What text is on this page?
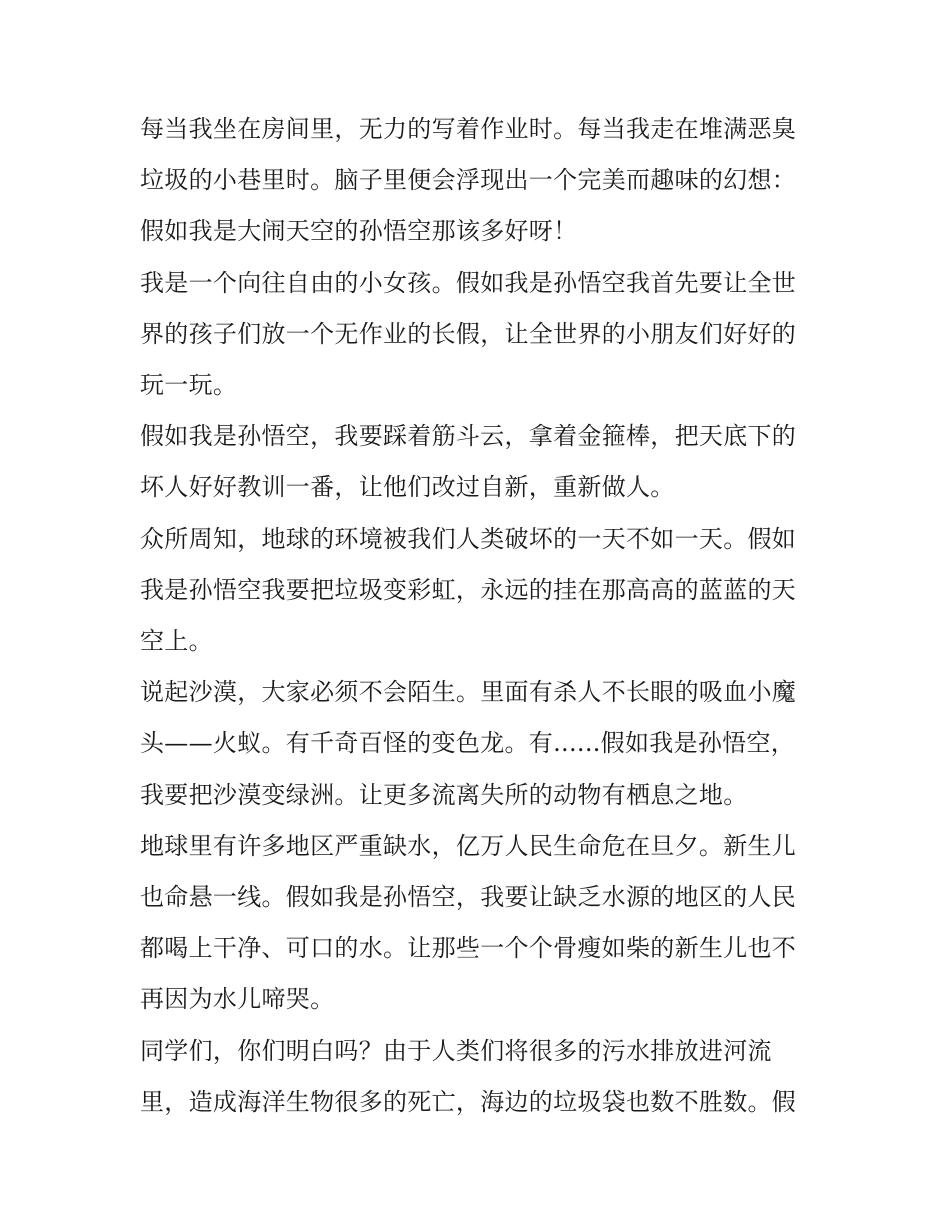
每当我坐在房间里，无力的写着作业时。每当我走在堆满恶臭垃圾的小巷里时。脑子里便会浮现出一个完美而趣味的幻想：假如我是大闹天空的孙悟空那该多好呀！

我是一个向往自由的小女孩。假如我是孙悟空我首先要让全世界的孩子们放一个无作业的长假，让全世界的小朋友们好好的玩一玩。

假如我是孙悟空，我要踩着筋斗云，拿着金箍棒，把天底下的坏人好好教训一番，让他们改过自新，重新做人。

众所周知，地球的环境被我们人类破坏的一天不如一天。假如我是孙悟空我要把垃圾变彩虹，永远的挂在那高高的蓝蓝的天空上。

说起沙漠，大家必须不会陌生。里面有杀人不长眼的吸血小魔头——火蚁。有千奇百怪的变色龙。有......假如我是孙悟空，我要把沙漠变绿洲。让更多流离失所的动物有栖息之地。

地球里有许多地区严重缺水，亿万人民生命危在旦夕。新生儿也命悬一线。假如我是孙悟空，我要让缺乏水源的地区的人民都喝上干净、可口的水。让那些一个个骨瘦如柴的新生儿也不再因为水儿啼哭。

同学们，你们明白吗？由于人类们将很多的污水排放进河流里，造成海洋生物很多的死亡，海边的垃圾袋也数不胜数。假
